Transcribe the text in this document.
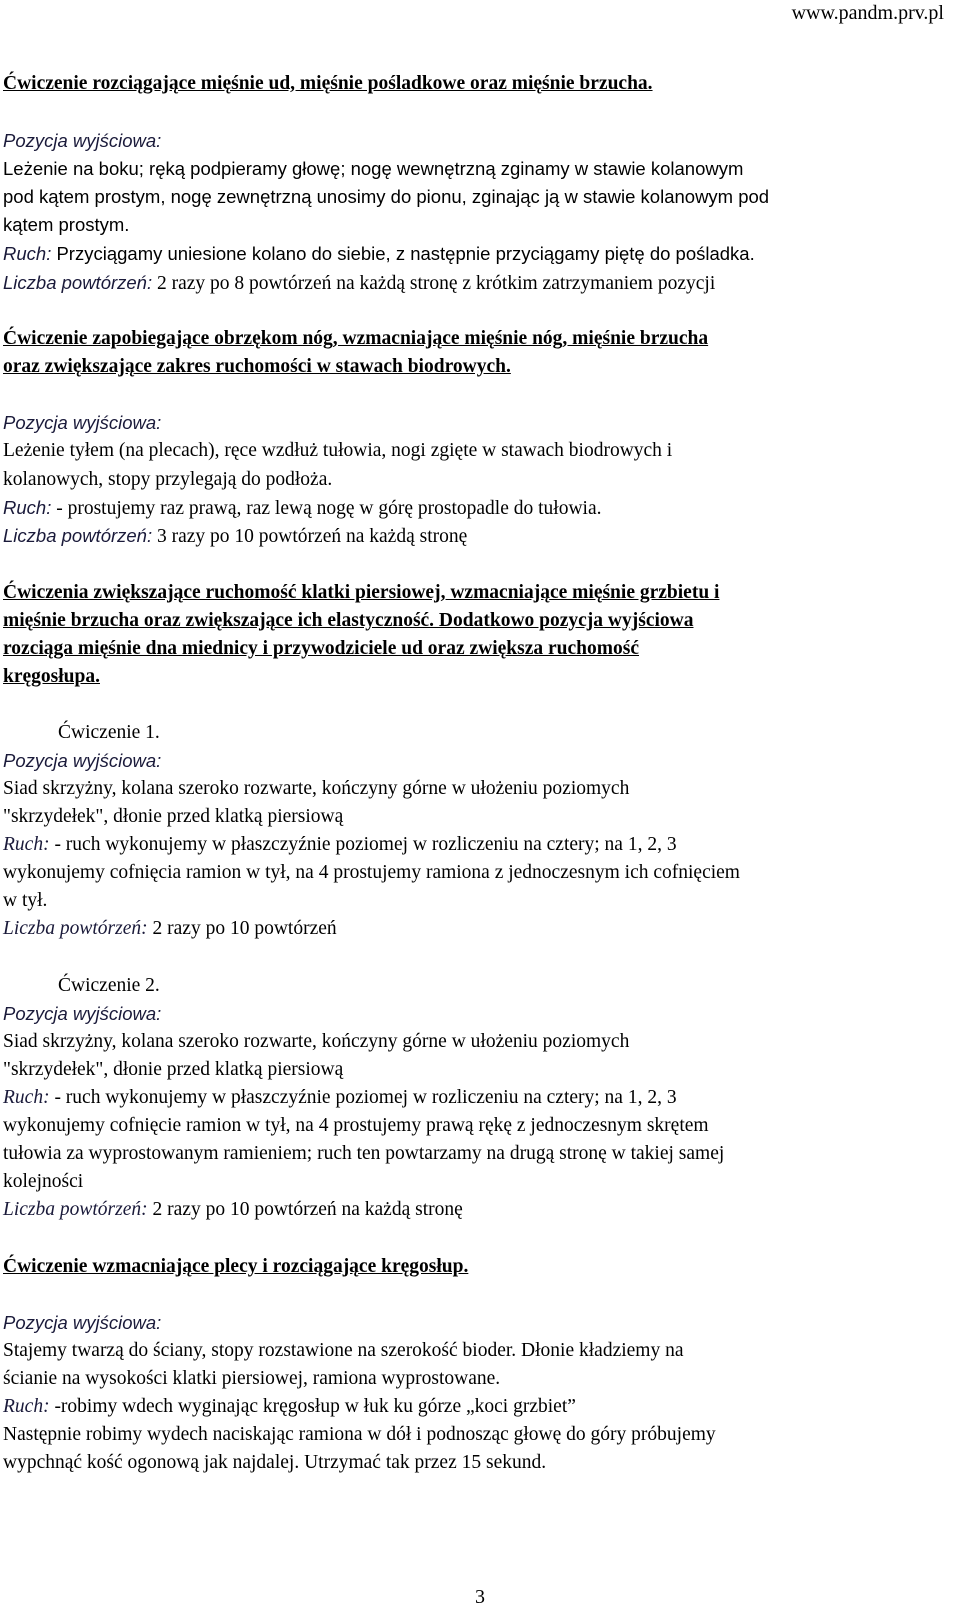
www.pandm.prv.pl
Ćwiczenie rozciągające mięśnie ud, mięśnie pośladkowe oraz mięśnie brzucha.
Pozycja wyjściowa:
Leżenie na boku; ręką podpieramy głowę; nogę wewnętrzną zginamy w stawie kolanowym
pod kątem prostym, nogę zewnętrzną unosimy do pionu, zginając ją w stawie kolanowym pod
kątem prostym.
Ruch: Przyciągamy uniesione kolano do siebie, z następnie przyciągamy piętę do pośladka.
Liczba powtórzeń: 2 razy po 8 powtórzeń na każdą stronę z krótkim zatrzymaniem pozycji
Ćwiczenie zapobiegające obrzękom nóg, wzmacniające mięśnie nóg, mięśnie brzucha
oraz zwiększające zakres ruchomości w stawach biodrowych.
Pozycja wyjściowa:
Leżenie tyłem (na plecach), ręce wzdłuż tułowia, nogi zgięte w stawach biodrowych i
kolanowych, stopy przylegają do podłoża.
Ruch: - prostujemy raz prawą, raz lewą nogę w górę prostopadle do tułowia.
Liczba powtórzeń: 3 razy po 10 powtórzeń na każdą stronę
Ćwiczenia zwiększające ruchomość klatki piersiowej, wzmacniające mięśnie grzbietu i
mięśnie brzucha oraz zwiększające ich elastyczność. Dodatkowo pozycja wyjściowa
rozciąga mięśnie dna miednicy i przywodziciele ud oraz zwiększa ruchomość
kręgosłupa.
Ćwiczenie 1.
Pozycja wyjściowa:
Siad skrzyżny, kolana szeroko rozwarte, kończyny górne w ułożeniu poziomych
"skrzydełek", dłonie przed klatką piersiową
Ruch: - ruch wykonujemy w płaszczyźnie poziomej w rozliczeniu na cztery; na 1, 2, 3
wykonujemy cofnięcia ramion w tył, na 4 prostujemy ramiona z jednoczesnym ich cofnięciem
w tył.
Liczba powtórzeń: 2 razy po 10 powtórzeń
Ćwiczenie 2.
Pozycja wyjściowa:
Siad skrzyżny, kolana szeroko rozwarte, kończyny górne w ułożeniu poziomych
"skrzydełek", dłonie przed klatką piersiową
Ruch: - ruch wykonujemy w płaszczyźnie poziomej w rozliczeniu na cztery; na 1, 2, 3
wykonujemy cofnięcie ramion w tył, na 4 prostujemy prawą rękę z jednoczesnym skrętem
tułowia za wyprostowanym ramieniem; ruch ten powtarzamy na drugą stronę w takiej samej
kolejności
Liczba powtórzeń: 2 razy po 10 powtórzeń na każdą stronę
Ćwiczenie wzmacniające plecy i rozciągające kręgosłup.
Pozycja wyjściowa:
Stajemy twarzą do ściany, stopy rozstawione na szerokość bioder. Dłonie kładziemy na
ścianie na wysokości klatki piersiowej, ramiona wyprostowane.
Ruch: -robimy wdech wyginając kręgosłup w łuk ku górze „koci grzbiet”
Następnie robimy wydech naciskając ramiona w dół i podnosząc głowę do góry próbujemy
wypchnąć kość ogonową jak najdalej. Utrzymać tak przez 15 sekund.
3
